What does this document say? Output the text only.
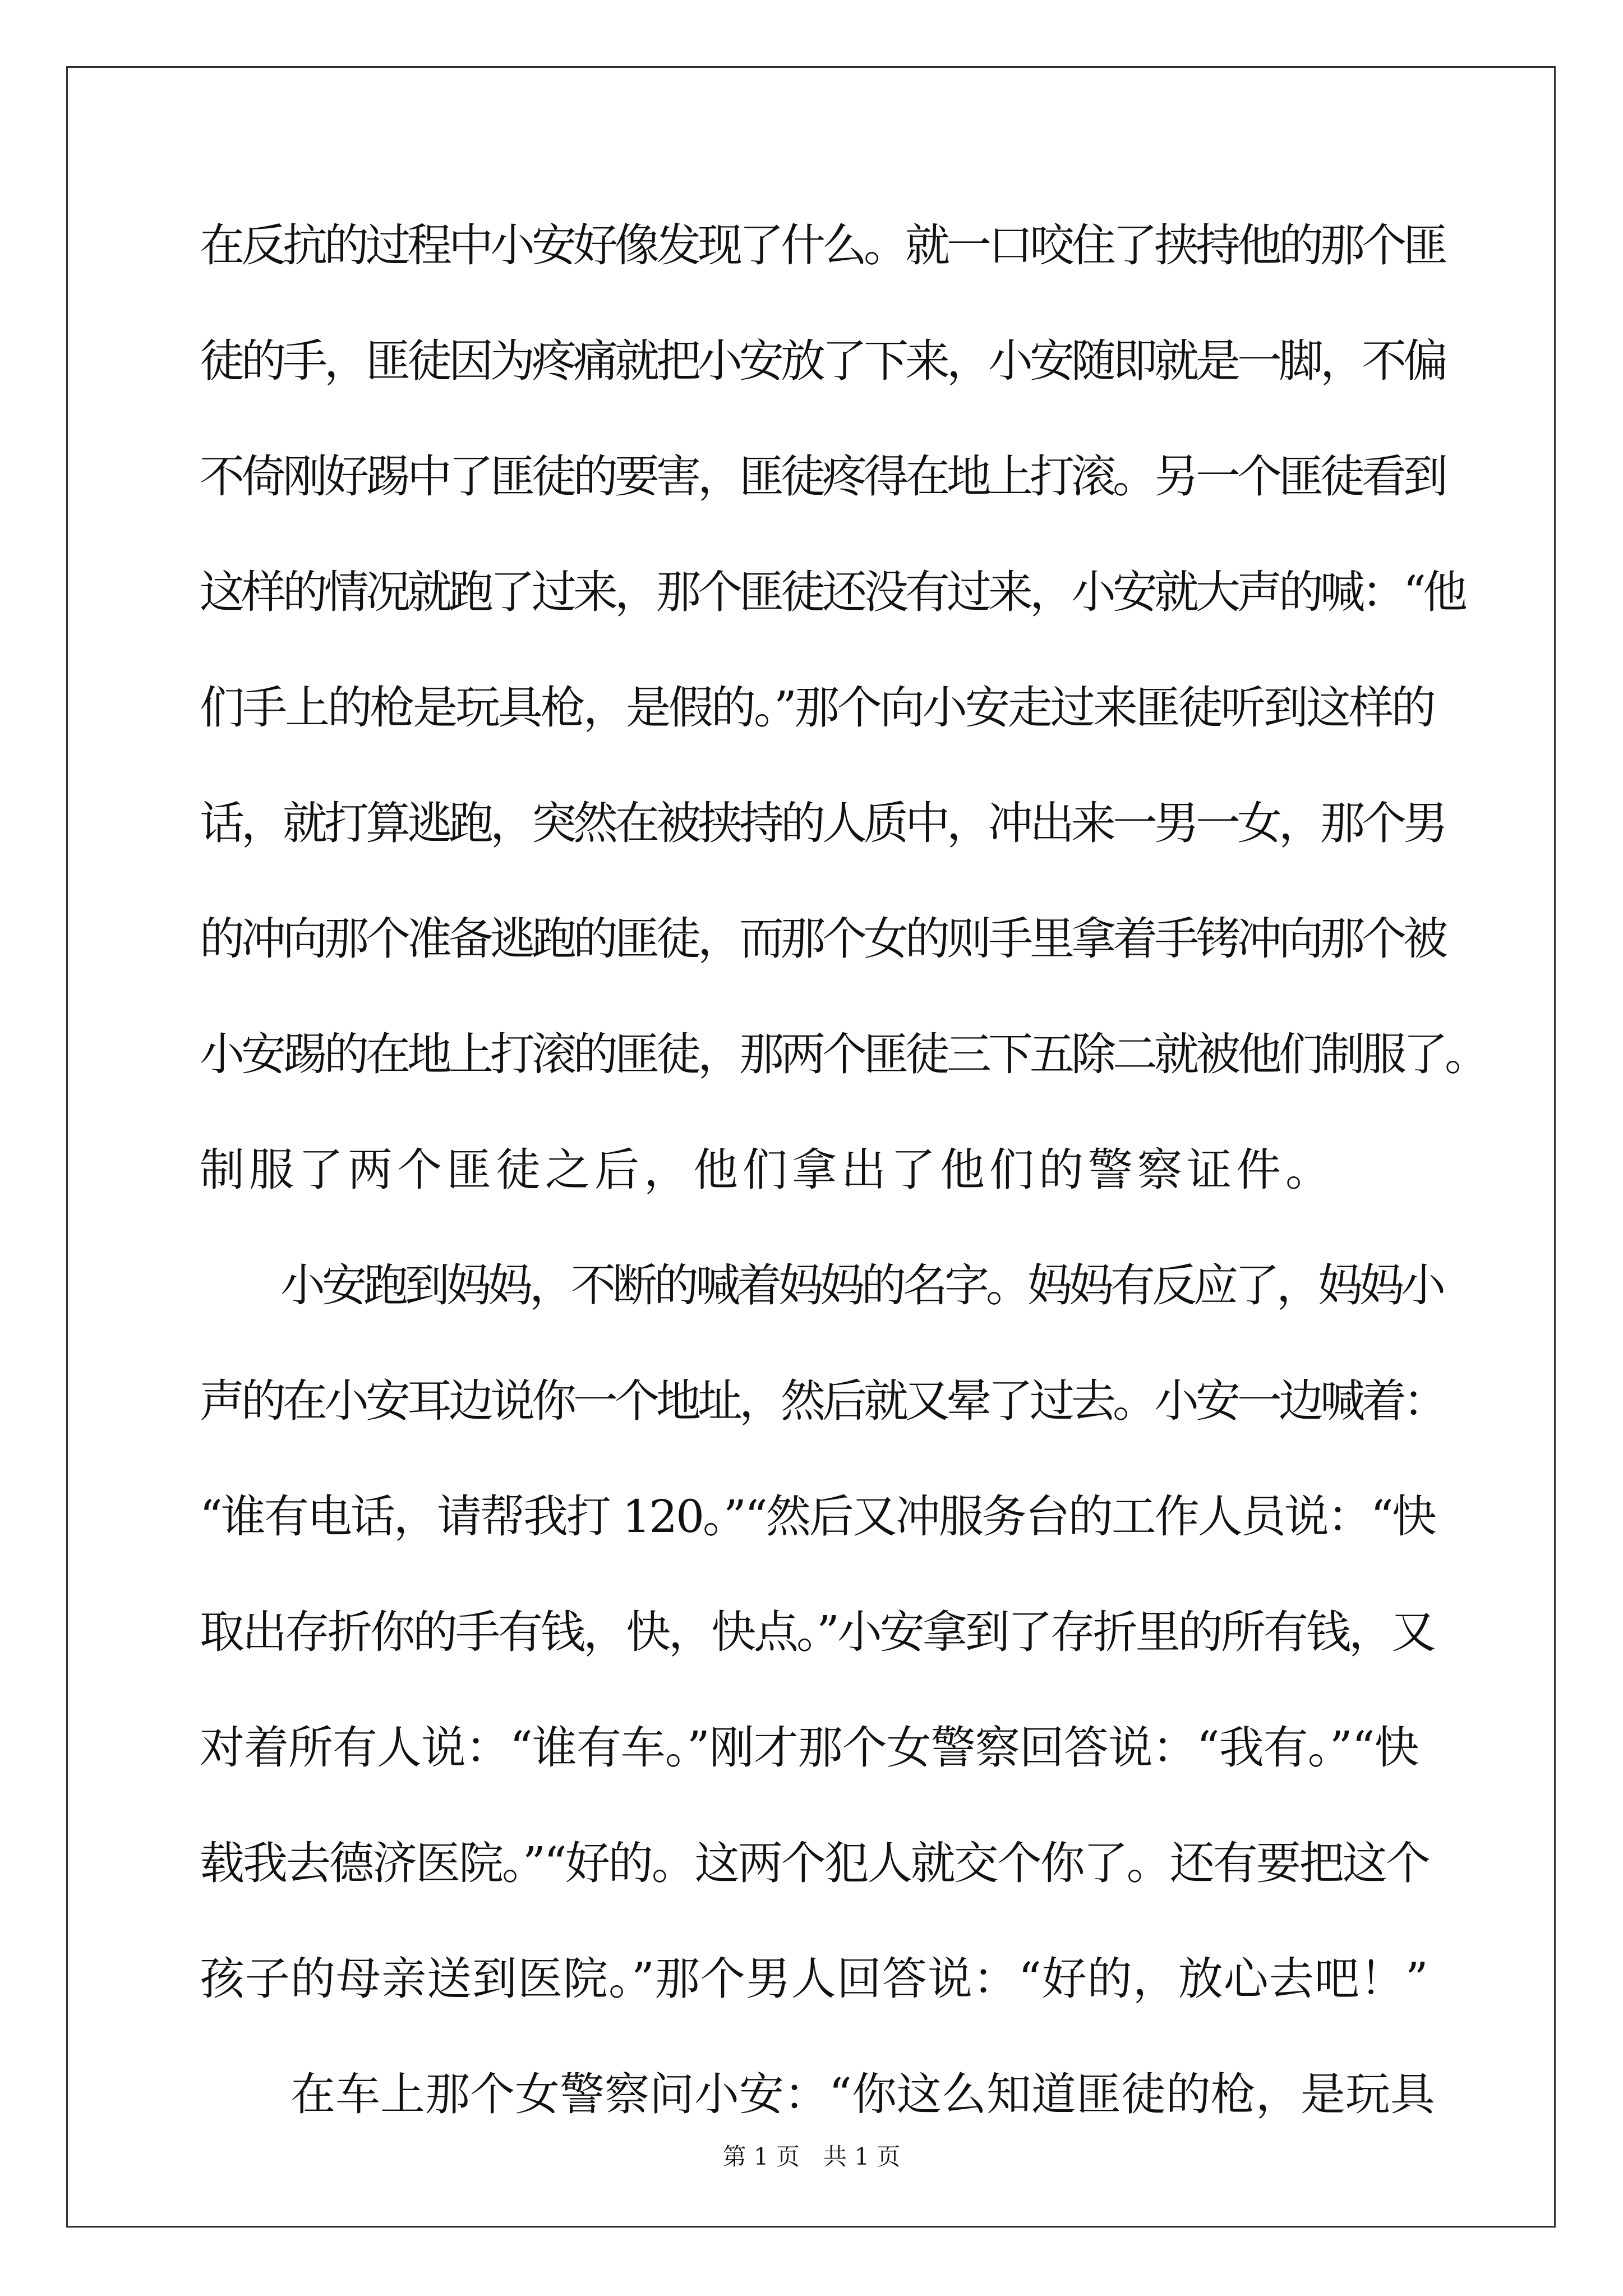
在反抗的过程中小安好像发现了什么。就一口咬住了挟持他的那个匪
徒的手，匪徒因为疼痛就把小安放了下来，小安随即就是一脚，不偏
不倚刚好踢中了匪徒的要害，匪徒疼得在地上打滚。另一个匪徒看到
这样的情况就跑了过来，那个匪徒还没有过来，小安就大声的喊：“他
们手上的枪是玩具枪，是假的。”那个向小安走过来匪徒听到这样的
话，就打算逃跑，突然在被挟持的人质中，冲出来一男一女，那个男
的冲向那个准备逃跑的匪徒，而那个女的则手里拿着手铐冲向那个被
小安踢的在地上打滚的匪徒，那两个匪徒三下五除二就被他们制服了。
制服了两个匪徒之后，他们拿出了他们的警察证件。
小安跑到妈妈，不断的喊着妈妈的名字。妈妈有反应了，妈妈小
声的在小安耳边说你一个地址，然后就又晕了过去。小安一边喊着：
“谁有电话，请帮我打 120。”“然后又冲服务台的工作人员说：“快
取出存折你的手有钱，快，快点。”小安拿到了存折里的所有钱，又
对着所有人说：“谁有车。”刚才那个女警察回答说：“我有。”“快
载我去德济医院。”“好的。这两个犯人就交个你了。还有要把这个
孩子的母亲送到医院。”那个男人回答说：“好的，放心去吧！”
在车上那个女警察问小安：“你这么知道匪徒的枪，是玩具
第 1 页　共 1 页
